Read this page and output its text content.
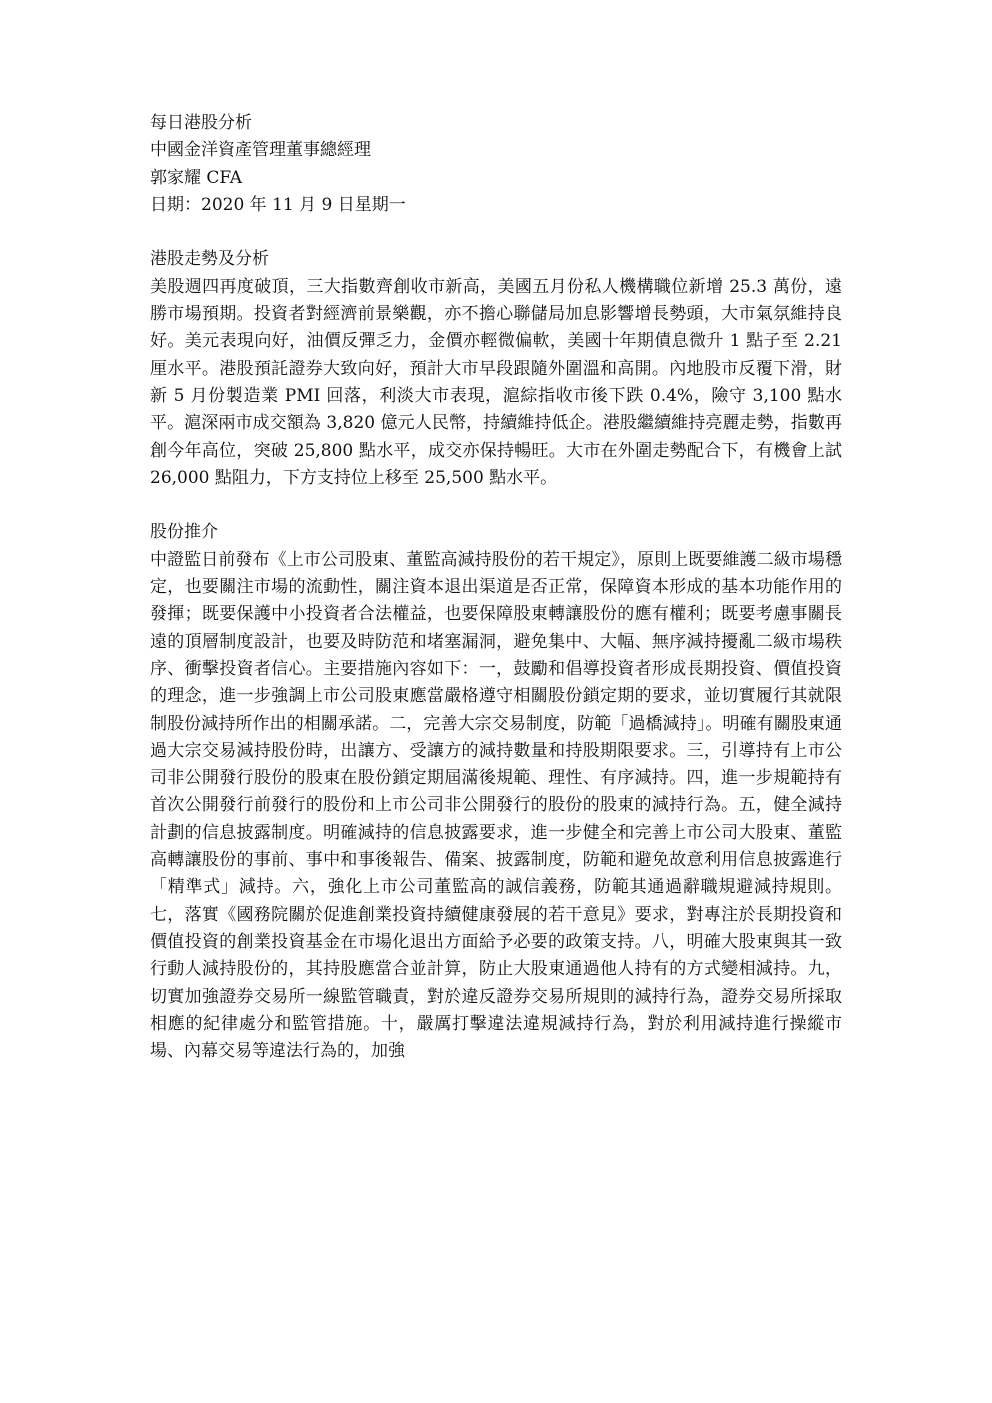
每日港股分析

中國金洋資產管理董事總經理

郭家耀 CFA

日期：2020 年 11 月 9 日星期一

港股走勢及分析

美股週四再度破頂，三大指數齊創收市新高，美國五月份私人機構職位新增 25.3 萬份，遠勝市場預期。投資者對經濟前景樂觀，亦不擔心聯儲局加息影響增長勢頭，大市氣氛維持良好。美元表現向好，油價反彈乏力，金價亦輕微偏軟，美國十年期債息微升 1 點子至 2.21 厘水平。港股預託證券大致向好，預計大市早段跟隨外圍溫和高開。內地股市反覆下滑，財新 5 月份製造業 PMI 回落，利淡大市表現，滬綜指收市後下跌 0.4%，險守 3,100 點水平。滬深兩市成交額為 3,820 億元人民幣，持續維持低企。港股繼續維持亮麗走勢，指數再創今年高位，突破 25,800 點水平，成交亦保持暢旺。大市在外圍走勢配合下，有機會上試 26,000 點阻力，下方支持位上移至 25,500 點水平。

股份推介

中證監日前發布《上市公司股東、董監高減持股份的若干規定》，原則上既要維護二級市場穩定，也要關注市場的流動性，關注資本退出渠道是否正常，保障資本形成的基本功能作用的發揮；既要保護中小投資者合法權益，也要保障股東轉讓股份的應有權利；既要考慮事關長遠的頂層制度設計，也要及時防范和堵塞漏洞，避免集中、大幅、無序減持擾亂二級市場秩序、衝擊投資者信心。主要措施內容如下：一，鼓勵和倡導投資者形成長期投資、價值投資的理念，進一步強調上市公司股東應當嚴格遵守相關股份鎖定期的要求，並切實履行其就限制股份減持所作出的相關承諾。二，完善大宗交易制度，防範「過橋減持」。明確有關股東通過大宗交易減持股份時，出讓方、受讓方的減持數量和持股期限要求。三，引導持有上市公司非公開發行股份的股東在股份鎖定期屆滿後規範、理性、有序減持。四，進一步規範持有首次公開發行前發行的股份和上市公司非公開發行的股份的股東的減持行為。五，健全減持計劃的信息披露制度。明確減持的信息披露要求，進一步健全和完善上市公司大股東、董監高轉讓股份的事前、事中和事後報告、備案、披露制度，防範和避免故意利用信息披露進行「精準式」減持。六，強化上市公司董監高的誠信義務，防範其通過辭職規避減持規則。七，落實《國務院關於促進創業投資持續健康發展的若干意見》要求，對專注於長期投資和價值投資的創業投資基金在市場化退出方面給予必要的政策支持。八，明確大股東與其一致行動人減持股份的，其持股應當合並計算，防止大股東通過他人持有的方式變相減持。九，切實加強證券交易所一線監管職責，對於違反證券交易所規則的減持行為，證券交易所採取相應的紀律處分和監管措施。十，嚴厲打擊違法違規減持行為，對於利用減持進行操縱市場、內幕交易等違法行為的，加強
